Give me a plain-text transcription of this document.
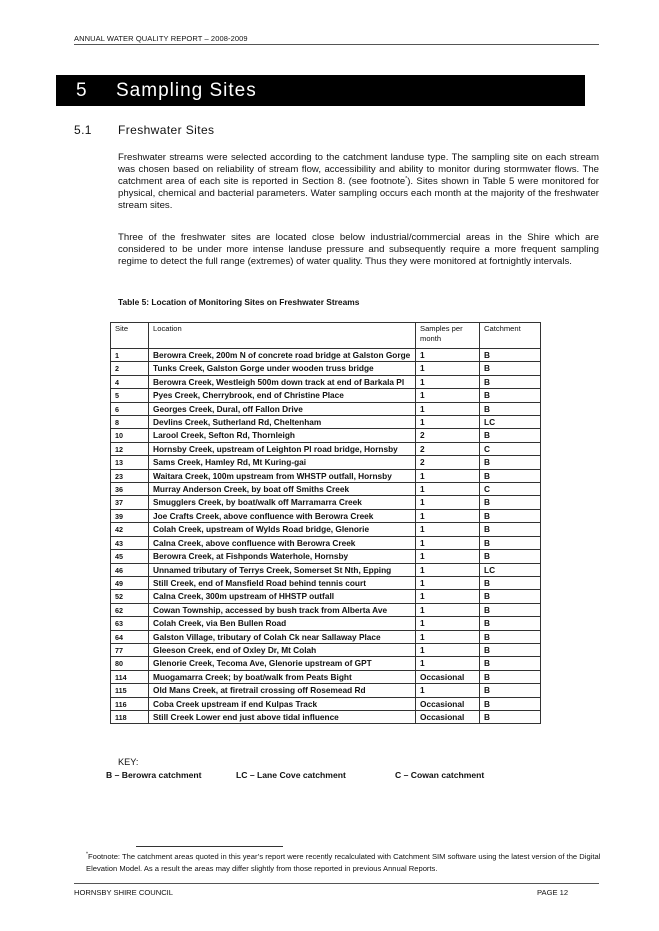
ANNUAL WATER QUALITY REPORT – 2008-2009
5 Sampling Sites
5.1 Freshwater Sites

Freshwater streams were selected according to the catchment landuse type. The sampling site on each stream was chosen based on reliability of stream flow, accessibility and ability to monitor during stormwater flows. The catchment area of each site is reported in Section 8. (see footnote*). Sites shown in Table 5 were monitored for physical, chemical and bacterial parameters. Water sampling occurs each month at the majority of the freshwater stream sites.

Three of the freshwater sites are located close below industrial/commercial areas in the Shire which are considered to be under more intense landuse pressure and subsequently require a more frequent sampling regime to detect the full range (extremes) of water quality. Thus they were monitored at fortnightly intervals.

Table 5: Location of Monitoring Sites on Freshwater Streams
Site	Location	Samples per month	Catchment
1	Berowra Creek, 200m N of concrete road bridge at Galston Gorge	1	B
2	Tunks Creek, Galston Gorge under wooden truss bridge	1	B
4	Berowra Creek, Westleigh 500m down track at end of Barkala Pl	1	B
5	Pyes Creek, Cherrybrook, end of Christine Place	1	B
6	Georges Creek, Dural, off Fallon Drive	1	B
8	Devlins Creek, Sutherland Rd, Cheltenham	1	LC
10	Larool Creek, Sefton Rd, Thornleigh	2	B
12	Hornsby Creek, upstream of Leighton Pl road bridge, Hornsby	2	C
13	Sams Creek, Hamley Rd, Mt Kuring-gai	2	B
23	Waitara Creek, 100m upstream from WHSTP outfall, Hornsby	1	B
36	Murray Anderson Creek, by boat off Smiths Creek	1	C
37	Smugglers Creek, by boat/walk off Marramarra Creek	1	B
39	Joe Crafts Creek, above confluence with Berowra Creek	1	B
42	Colah Creek, upstream of Wylds Road bridge, Glenorie	1	B
43	Calna Creek, above confluence with Berowra Creek	1	B
45	Berowra Creek, at Fishponds Waterhole, Hornsby	1	B
46	Unnamed tributary of Terrys Creek, Somerset St Nth, Epping	1	LC
49	Still Creek, end of Mansfield Road behind tennis court	1	B
52	Calna Creek, 300m upstream of HHSTP outfall	1	B
62	Cowan Township, accessed by bush track from Alberta Ave	1	B
63	Colah Creek, via Ben Bullen Road	1	B
64	Galston Village, tributary of Colah Ck near Sallaway Place	1	B
77	Gleeson Creek, end of Oxley Dr, Mt Colah	1	B
80	Glenorie Creek, Tecoma Ave, Glenorie upstream of GPT	1	B
114	Muogamarra Creek; by boat/walk from Peats Bight	Occasional	B
115	Old Mans Creek, at firetrail crossing off Rosemead Rd	1	B
116	Coba Creek upstream if end Kulpas Track	Occasional	B
118	Still Creek Lower end just above tidal influence	Occasional	B
KEY:
B – Berowra catchment	LC – Lane Cove catchment	C – Cowan catchment

*Footnote: The catchment areas quoted in this year’s report were recently recalculated with Catchment SIM software using the latest version of the Digital Elevation Model. As a result the areas may differ slightly from those reported in previous Annual Reports.

HORNSBY SHIRE COUNCIL	PAGE 12
